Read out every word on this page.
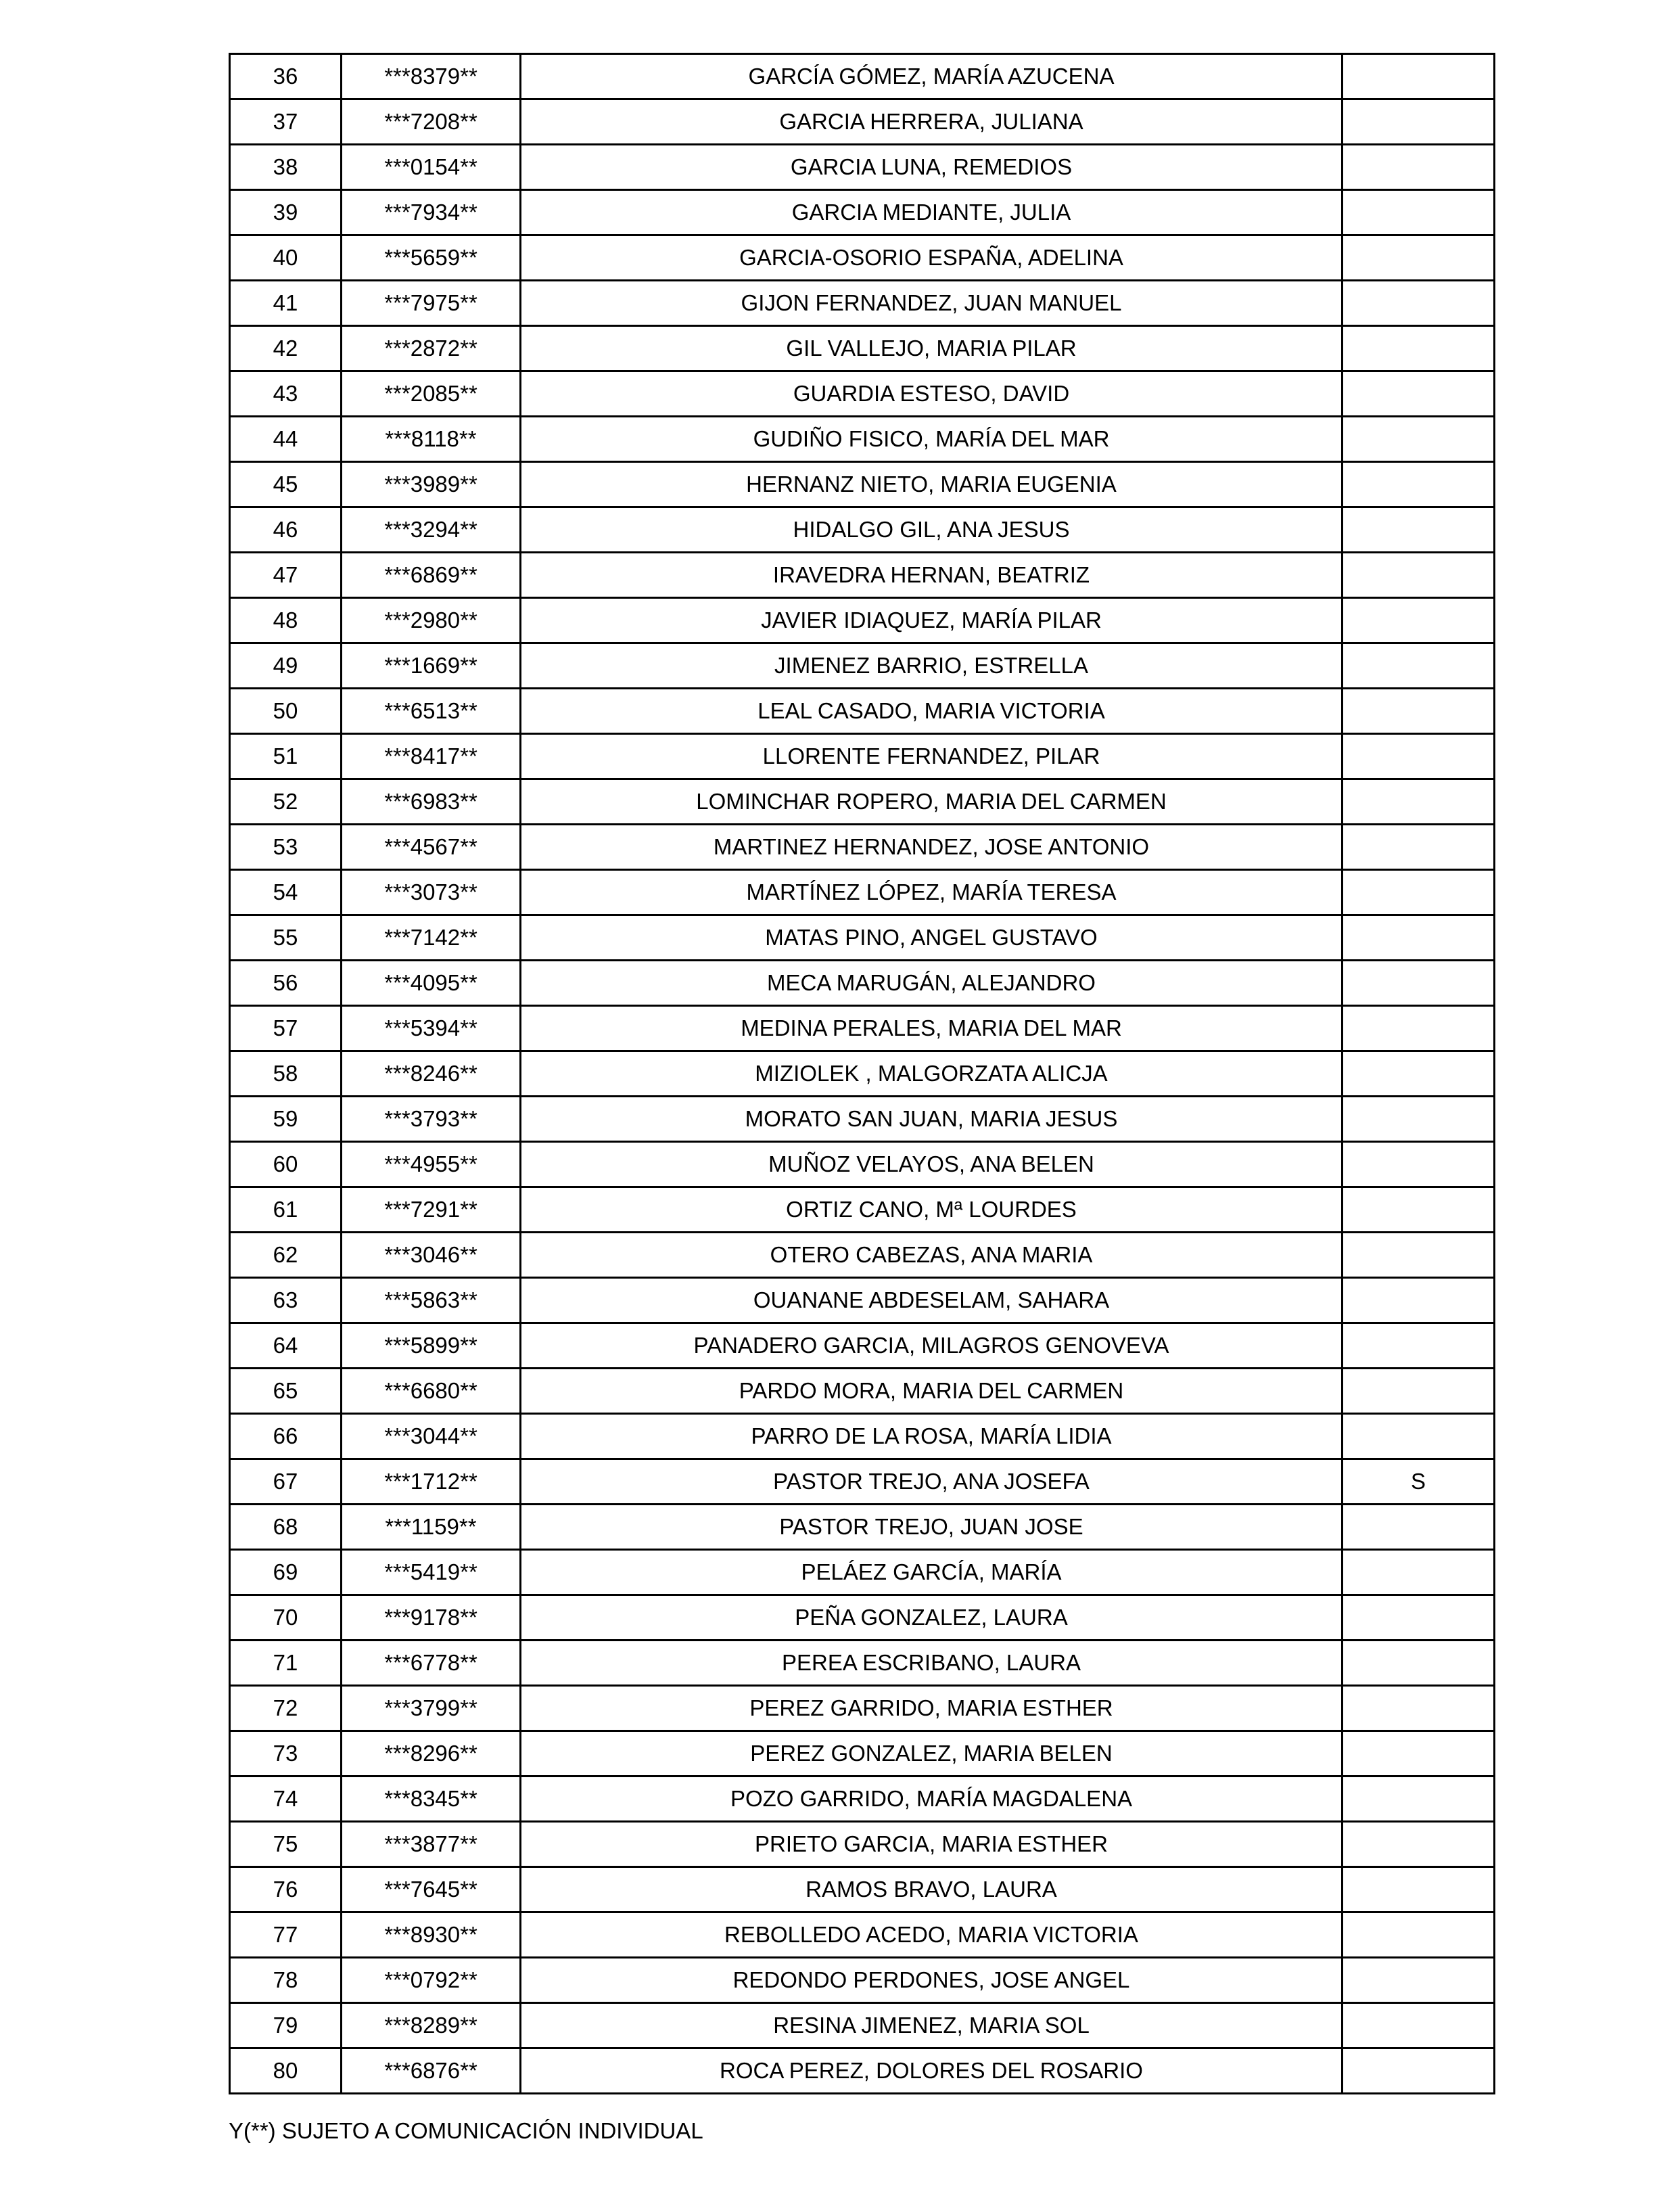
36	***8379**	GARCÍA GÓMEZ, MARÍA AZUCENA	
37	***7208**	GARCIA HERRERA, JULIANA	
38	***0154**	GARCIA LUNA, REMEDIOS	
39	***7934**	GARCIA MEDIANTE, JULIA	
40	***5659**	GARCIA-OSORIO ESPAÑA, ADELINA	
41	***7975**	GIJON FERNANDEZ, JUAN MANUEL	
42	***2872**	GIL VALLEJO, MARIA PILAR	
43	***2085**	GUARDIA ESTESO, DAVID	
44	***8118**	GUDIÑO FISICO, MARÍA DEL MAR	
45	***3989**	HERNANZ NIETO, MARIA EUGENIA	
46	***3294**	HIDALGO GIL, ANA JESUS	
47	***6869**	IRAVEDRA HERNAN, BEATRIZ	
48	***2980**	JAVIER IDIAQUEZ, MARÍA PILAR	
49	***1669**	JIMENEZ BARRIO, ESTRELLA	
50	***6513**	LEAL CASADO, MARIA VICTORIA	
51	***8417**	LLORENTE FERNANDEZ, PILAR	
52	***6983**	LOMINCHAR ROPERO, MARIA DEL CARMEN	
53	***4567**	MARTINEZ HERNANDEZ, JOSE ANTONIO	
54	***3073**	MARTÍNEZ LÓPEZ, MARÍA TERESA	
55	***7142**	MATAS PINO, ANGEL GUSTAVO	
56	***4095**	MECA MARUGÁN, ALEJANDRO	
57	***5394**	MEDINA PERALES, MARIA DEL MAR	
58	***8246**	MIZIOLEK , MALGORZATA ALICJA	
59	***3793**	MORATO SAN JUAN, MARIA JESUS	
60	***4955**	MUÑOZ VELAYOS, ANA BELEN	
61	***7291**	ORTIZ CANO, Mª LOURDES	
62	***3046**	OTERO CABEZAS, ANA MARIA	
63	***5863**	OUANANE ABDESELAM, SAHARA	
64	***5899**	PANADERO GARCIA, MILAGROS GENOVEVA	
65	***6680**	PARDO MORA, MARIA DEL CARMEN	
66	***3044**	PARRO DE LA ROSA, MARÍA LIDIA	
67	***1712**	PASTOR TREJO, ANA JOSEFA	S
68	***1159**	PASTOR TREJO, JUAN JOSE	
69	***5419**	PELÁEZ GARCÍA, MARÍA	
70	***9178**	PEÑA GONZALEZ, LAURA	
71	***6778**	PEREA ESCRIBANO, LAURA	
72	***3799**	PEREZ GARRIDO, MARIA ESTHER	
73	***8296**	PEREZ GONZALEZ, MARIA BELEN	
74	***8345**	POZO GARRIDO, MARÍA MAGDALENA	
75	***3877**	PRIETO GARCIA, MARIA ESTHER	
76	***7645**	RAMOS BRAVO, LAURA	
77	***8930**	REBOLLEDO ACEDO, MARIA VICTORIA	
78	***0792**	REDONDO PERDONES, JOSE ANGEL	
79	***8289**	RESINA JIMENEZ, MARIA SOL	
80	***6876**	ROCA PEREZ, DOLORES DEL ROSARIO	
Y(**) SUJETO A COMUNICACIÓN INDIVIDUAL
